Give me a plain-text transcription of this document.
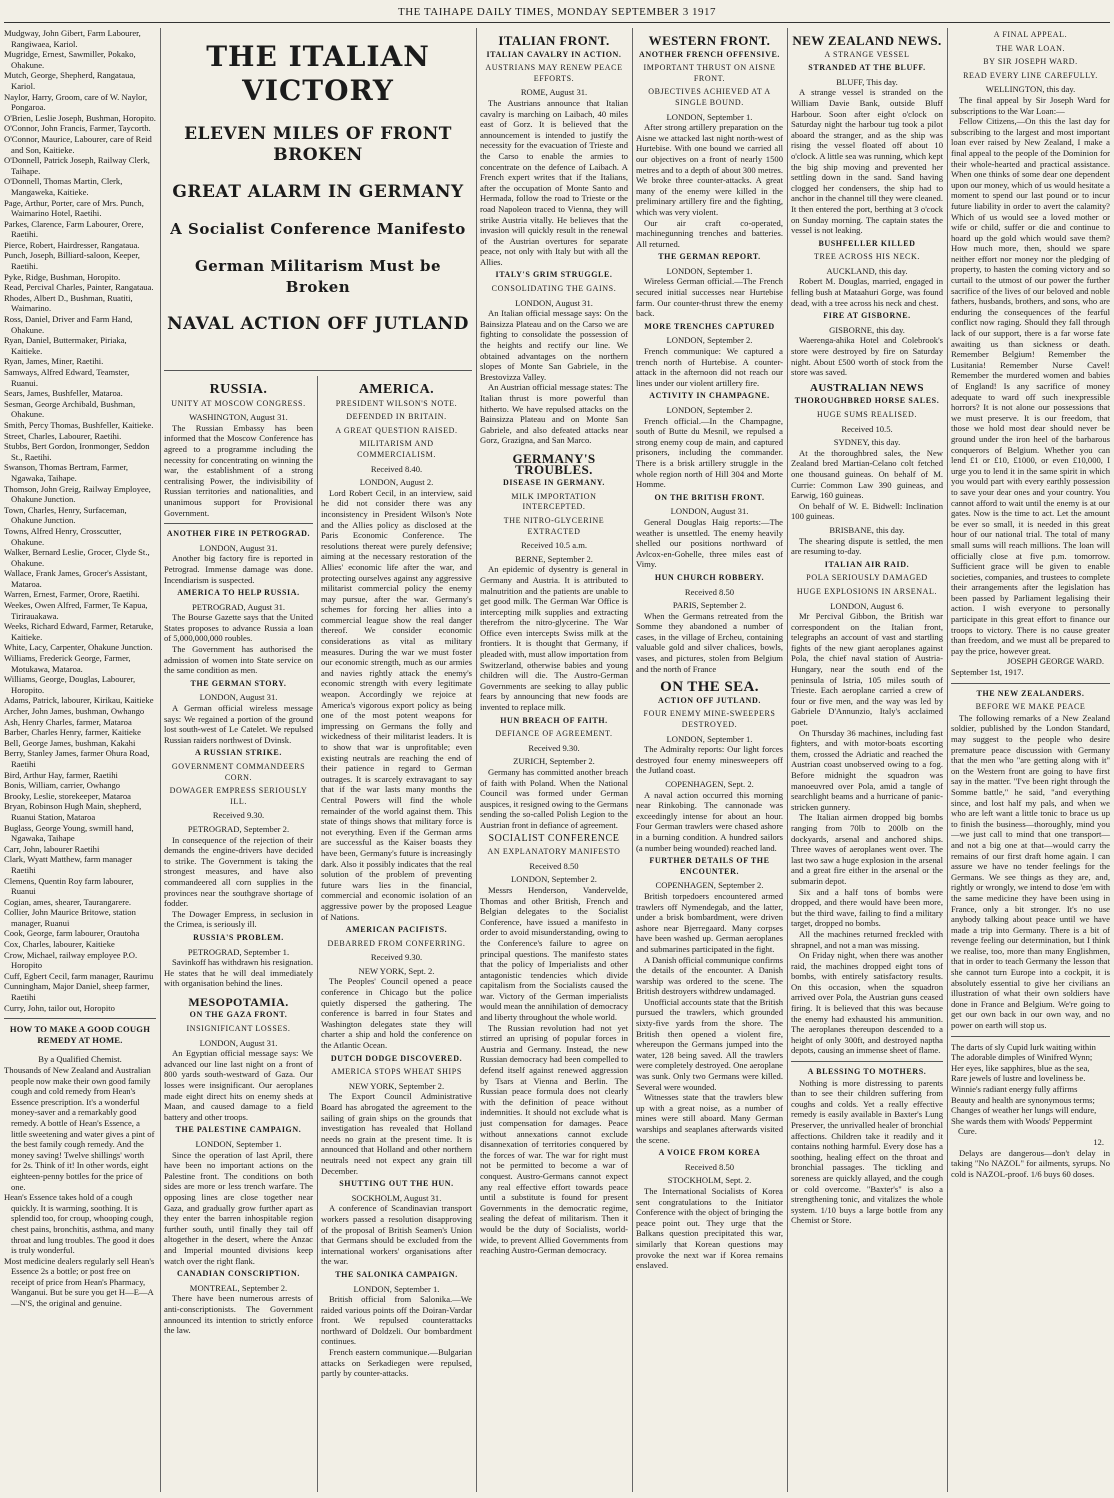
THE TAIHAPE DAILY TIMES, MONDAY SEPTEMBER 3 1917

Mudgway, John Gibert, Farm Labourer, Rangiwaea, Kariol.

Mugridge, Ernest, Sawmiller, Pokako, Ohakune.

Mutch, George, Shepherd, Rangataua, Kariol.

Naylor, Harry, Groom, care of W. Naylor, Pongaroa.

O'Brien, Leslie Joseph, Bushman, Horopito.

O'Connor, John Francis, Farmer, Taycorth.

O'Connor, Maurice, Labourer, care of Reid and Son, Kaitieke.

O'Donnell, Patrick Joseph, Railway Clerk, Taihape.

O'Donnell, Thomas Martin, Clerk, Mangaweka, Kaitieke.

Page, Arthur, Porter, care of Mrs. Punch, Waimarino Hotel, Raetihi.

Parkes, Clarence, Farm Labourer, Orere, Raetihi.

Pierce, Robert, Hairdresser, Rangataua.

Punch, Joseph, Billiard-saloon, Keeper, Raetihi.

Pyke, Ridge, Bushman, Horopito.

Read, Percival Charles, Painter, Rangataua.

Rhodes, Albert D., Bushman, Ruatiti, Waimarino.

Ross, Daniel, Driver and Farm Hand, Ohakune.

Ryan, Daniel, Buttermaker, Piriaka, Kaitieke.

Ryan, James, Miner, Raetihi.

Samways, Alfred Edward, Teamster, Ruanui.

Sears, James, Bushfeller, Mataroa.

Sesman, George Archibald, Bushman, Ohakune.

Smith, Percy Thomas, Bushfeller, Kaitieke.

Street, Charles, Labourer, Raetihi.

Stubbs, Bert Gordon, Ironmonger, Seddon St., Raetihi.

Swanson, Thomas Bertram, Farmer, Ngawaka, Taihape.

Thomson, John Greig, Railway Employee, Ohakune Junction.

Town, Charles, Henry, Surfaceman, Ohakune Junction.

Towns, Alfred Henry, Crosscutter, Ohakune.

Walker, Bernard Leslie, Grocer, Clyde St., Ohakune.

Wallace, Frank James, Grocer's Assistant, Mataroa.

Warren, Ernest, Farmer, Orore, Raetihi.

Weekes, Owen Alfred, Farmer, Te Kapua, Tirirauakawa.

Weeks, Richard Edward, Farmer, Retaruke, Kaitieke.

White, Lacy, Carpenter, Ohakune Junction.

Williams, Frederick George, Farmer, Motukawa, Mataroa.

Williams, George, Douglas, Labourer, Horopito.

Adams, Patrick, labourer, Kirikau, Kaitieke

Archer, John James, bushman, Owhango

Ash, Henry Charles, farmer, Mataroa

Barber, Charles Henry, farmer, Kaitieke

Bell, George James, bushman, Kakahi

Berry, Stanley James, farmer Ohura Road, Raetihi

Bird, Arthur Hay, farmer, Raetihi

Bonis, William, carrier, Owhango

Brooky, Leslie, storekeeper, Mataroa

Bryan, Robinson Hugh Main, shepherd, Ruanui Station, Mataroa

Buglass, George Young, swmill hand, Ngawaka, Taihape

Carr, John, labourer Raetihi

Clark, Wyatt Matthew, farm manager Raetihi

Clemens, Quentin Roy farm labourer, Ruanui

Cogian, ames, shearer, Taurangarere.

Collier, John Maurice Britowe, station manager, Ruanui

Cook, George, farm labourer, Orautoha

Cox, Charles, labourer, Kaitieke

Crow, Michael, railway employee P.O. Horopito

Cuff, Egbert Cecil, farm manager, Raurimu

Cunningham, Major Daniel, sheep farmer, Raetihi

Curry, John, tailor out, Horopito

HOW TO MAKE A GOOD COUGH REMEDY AT HOME.

By a Qualified Chemist.

Thousands of New Zealand and Australian people now make their own good family cough and cold remedy from Hean's Essence prescription. It's a wonderful money-saver and a remarkably good remedy. A bottle of Hean's Essence, a little sweetening and water gives a pint of the best family cough remedy. And the money saving! Twelve shillings' worth for 2s. Think of it! In other words, eight eighteen-penny bottles for the price of one.

Hean's Essence takes hold of a cough quickly. It is warming, soothing. It is splendid too, for croup, whooping cough, chest pains, bronchitis, asthma, and many throat and lung troubles. The good it does is truly wonderful.

Most medicine dealers regularly sell Hean's Essence 2s a bottle; or post free on receipt of price from Hean's Pharmacy, Wanganui. But be sure you get H—E—A—N'S, the original and genuine.

THE ITALIAN VICTORY
ELEVEN MILES OF FRONT BROKEN
GREAT ALARM IN GERMANY
A Socialist Conference Manifesto
German Militarism Must be Broken
NAVAL ACTION OFF JUTLAND
RUSSIA.
UNITY AT MOSCOW CONGRESS.
WASHINGTON, August 31.

The Russian Embassy has been informed that the Moscow Conference has agreed to a programme including the necessity for concentrating on winning the war, the establishment of a strong centralising Power, the indivisibility of Russian territories and nationalities, and unanimous support for Provisional Government.

ANOTHER FIRE IN PETROGRAD.
LONDON, August 31.

Another big factory fire is reported in Petrograd. Immense damage was done. Incendiarism is suspected.

AMERICA TO HELP RUSSIA.
PETROGRAD, August 31.

The Bourse Gazette says that the United States proposes to advance Russia a loan of 5,000,000,000 roubles.

The Government has authorised the admission of women into State service on the same condition as men.

THE GERMAN STORY.
LONDON, August 31.

A German official wireless message says: We regained a portion of the ground lost south-west of Le Catelet. We repulsed Russian raiders northwest of Dvinsk.

A RUSSIAN STRIKE.
GOVERNMENT COMMANDEERS CORN.
DOWAGER EMPRESS SERIOUSLY ILL.
Received 9.30.
PETROGRAD, September 2.

In consequence of the rejection of their demands the engine-drivers have decided to strike. The Government is taking the strongest measures, and have also commandeered all corn supplies in the provinces near the southgrave shortage of fodder.

The Dowager Empress, in seclusion in the Crimea, is seriously ill.

RUSSIA'S PROBLEM.
PETROGRAD, September 1.

Savinkoff has withdrawn his resignation. He states that he will deal immediately with organisation behind the lines.

MESOPOTAMIA.
ON THE GAZA FRONT.
INSIGNIFICANT LOSSES.
LONDON, August 31.

An Egyptian official message says: We advanced our line last night on a front of 800 yards south-westward of Gaza. Our losses were insignificant. Our aeroplanes made eight direct hits on enemy sheds at Maan, and caused damage to a field battery and other troops.

THE PALESTINE CAMPAIGN.
LONDON, September 1.

Since the operation of last April, there have been no important actions on the Palestine front. The conditions on both sides are more or less trench warfare. The opposing lines are close together near Gaza, and gradually grow further apart as they enter the barren inhospitable region further south, until finally they tail off altogether in the desert, where the Anzac and Imperial mounted divisions keep watch over the right flank.

CANADIAN CONSCRIPTION.
MONTREAL, September 2.

There have been numerous arrests of anti-conscriptionists. The Government announced its intention to strictly enforce the law.

AMERICA.
PRESIDENT WILSON'S NOTE.
DEFENDED IN BRITAIN.
A GREAT QUESTION RAISED.
MILITARISM AND COMMERCIALISM.
Received 8.40.
LONDON, August 2.

Lord Robert Cecil, in an interview, said he did not consider there was any inconsistency in President Wilson's Note and the Allies policy as disclosed at the Paris Economic Conference. The resolutions thereat were purely defensive; aiming at the necessary restoration of the Allies' economic life after the war, and protecting ourselves against any aggressive militarist commercial policy the enemy may pursue, after the war. Germany's schemes for forcing her allies into a commercial league show the real danger thereof. We consider economic considerations as vital as military measures. During the war we must foster our economic strength, much as our armies and navies rightly attack the enemy's economic strength with every legitimate weapon. Accordingly we rejoice at America's vigorous export policy as being one of the most potent weapons for impressing on Germans the folly and wickedness of their militarist leaders. It is to show that war is unprofitable; even existing neutrals are reaching the end of their patience in regard to German outrages. It is scarcely extravagant to say that if the war lasts many months the Central Powers will find the whole remainder of the world against them. This state of things shows that military force is not everything. Even if the German arms are successful as the Kaiser boasts they have been, Germany's future is increasingly dark. Also it possibly indicates that the real solution of the problem of preventing future wars lies in the financial, commercial and economic isolation of an aggressive power by the proposed League of Nations.

AMERICAN PACIFISTS.
DEBARRED FROM CONFERRING.
Received 9.30.
NEW YORK, Sept. 2.

The Peoples' Council opened a peace conference in Chicago but the police quietly dispersed the gathering. The conference is barred in four States and Washington delegates state they will charter a ship and hold the conference on the Atlantic Ocean.

DUTCH DODGE DISCOVERED.
AMERICA STOPS WHEAT SHIPS
NEW YORK, September 2.

The Export Council Administrative Board has abrogated the agreement to the sailing of grain ships on the grounds that investigation has revealed that Holland needs no grain at the present time. It is announced that Holland and other northern neutrals need not expect any grain till December.

SHUTTING OUT THE HUN.
SOCKHOLM, August 31.

A conference of Scandinavian transport workers passed a resolution disapproving of the proposal of British Seamen's Union that Germans should be excluded from the international workers' organisations after the war.

THE SALONIKA CAMPAIGN.
LONDON, September 1.

British official from Salonika.—We raided various points off the Doiran-Vardar front. We repulsed counterattacks northward of Doldzeli. Our bombardment continues.

French eastern communique.—Bulgarian attacks on Serkadiegen were repulsed, partly by counter-attacks.

ITALIAN FRONT.
ITALIAN CAVALRY IN ACTION.
AUSTRIANS MAY RENEW PEACE EFFORTS.
ROME, August 31.

The Austrians announce that Italian cavalry is marching on Laibach, 40 miles east of Gorz. It is believed that the announcement is intended to justify the necessity for the evacuation of Trieste and the Carso to enable the armies to concentrate on the defence of Laibach. A French expert writes that if the Italians, after the occupation of Monte Santo and Hermada, follow the road to Trieste or the road Napoleon traced to Vienna, they will strike Austria vitally. He believes that the invasion will quickly result in the renewal of the Austrian overtures for separate peace, not only with Italy but with all the Allies.

ITALY'S GRIM STRUGGLE.
CONSOLIDATING THE GAINS.
LONDON, August 31.

An Italian official message says: On the Bainsizza Plateau and on the Carso we are fighting to consolidate the possession of the heights and rectify our line. We obtained advantages on the northern slopes of Monte San Gabriele, in the Brestovizza Valley.

An Austrian official message states: The Italian thrust is more powerful than hitherto. We have repulsed attacks on the Bainsizza Plateau and on Monte San Gabriele, and also defeated attacks near Gorz, Grazigna, and San Marco.

GERMANY'S TROUBLES.
DISEASE IN GERMANY.
MILK IMPORTATION INTERCEPTED.
THE NITRO-GLYCERINE EXTRACTED
Received 10.5 a.m.
BERNE, September 2.

An epidemic of dysentry is general in Germany and Austria. It is attributed to malnutrition and the patients are unable to get good milk. The German War Office is intercepting milk supplies and extracting therefrom the nitro-glycerine. The War Office even intercepts Swiss milk at the frontiers. It is thought that Germany, if pleaded with, must allow importation from Switzerland, otherwise babies and young children will die. The Austro-German Governments are seeking to allay public fears by announcing that new foods are invented to replace milk.

HUN BREACH OF FAITH.
DEFIANCE OF AGREEMENT.
Received 9.30.
ZURICH, September 2.

Germany has committed another breach of faith with Poland. When the National Council was formed under German auspices, it resigned owing to the Germans sending the so-called Polish Legion to the Austrian front in defiance of agreement.

SOCIALIST CONFERENCE
AN EXPLANATORY MANIFESTO
Received 8.50
LONDON, September 2.

Messrs Henderson, Vandervelde, Thomas and other British, French and Belgian delegates to the Socialist Conference, have issued a manifesto in order to avoid misunderstanding, owing to the Conference's failure to agree on principal questions. The manifesto states that the policy of Imperialists and other antagonistic tendencies which divide capitalism from the Socialists caused the war. Victory of the German imperialists would mean the annihilation of democracy and liberty throughout the whole world.

The Russian revolution had not yet stirred an uprising of popular forces in Austria and Germany. Instead, the new Russian democracy had been compelled to defend itself against renewed aggression by Tsars at Vienna and Berlin. The Russian peace formula does not clearly with the definition of peace without indemnities. It should not exclude what is just compensation for damages. Peace without annexations cannot exclude disannexation of territories conquered by the forces of war. The war for right must not be permitted to become a war of conquest. Austro-Germans cannot expect any real effective effort towards peace until a substitute is found for present Governments in the democratic regime, sealing the defeat of militarism. Then it would be the duty of Socialists, world-wide, to prevent Allied Governments from reaching Austro-German democracy.

WESTERN FRONT.
ANOTHER FRENCH OFFENSIVE.
IMPORTANT THRUST ON AISNE FRONT.
OBJECTIVES ACHIEVED AT A SINGLE BOUND.
LONDON, September 1.

After strong artillery preparation on the Aisne we attacked last night north-west of Hurtebise. With one bound we carried all our objectives on a front of nearly 1500 metres and to a depth of about 300 metres. We broke three counter-attacks. A great many of the enemy were killed in the preliminary artillery fire and the fighting, which was very violent.

Our air craft co-operated, machinegunning trenches and batteries. All returned.

THE GERMAN REPORT.
LONDON, September 1.

Wireless German official.—The French secured initial successes near Hurtebise farm. Our counter-thrust threw the enemy back.

MORE TRENCHES CAPTURED
LONDON, September 2.

French communique: We captured a trench north of Hurtebise. A counter-attack in the afternoon did not reach our lines under our violent artillery fire.

ACTIVITY IN CHAMPAGNE.
LONDON, September 2.

French official.—In the Champagne, south of Butte du Mesnil, we repulsed a strong enemy coup de main, and captured prisoners, including the commander. There is a brisk artillery struggle in the whole region north of Hill 304 and Morte Homme.

ON THE BRITISH FRONT.
LONDON, August 31.

General Douglas Haig reports:—The weather is unsettled. The enemy heavily shelled our positions northward of Avlcox-en-Gohelle, three miles east of Vimy.

HUN CHURCH ROBBERY.
Received 8.50
PARIS, September 2.

When the Germans retreated from the Somme they abandoned a number of cases, in the village of Ercheu, containing valuable gold and silver chalices, bowls, vases, and pictures, stolen from Belgium and the north of France

ON THE SEA.
ACTION OFF JUTLAND.
FOUR ENEMY MINE-SWEEPERS DESTROYED.
LONDON, September 1.

The Admiralty reports: Our light forces destroyed four enemy minesweepers off the Jutland coast.

COPENHAGEN, Sept. 2.

A naval action occurred this morning near Rinkobing. The cannonade was exceedingly intense for about an hour. Four German trawlers were chased ashore in a burning condition. A hundred sailors (a number being wounded) reached land.

FURTHER DETAILS OF THE ENCOUNTER.
COPENHAGEN, September 2.

British torpedoers encountered armed trawlers off Nymendegab, and the latter, under a brisk bombardment, were driven ashore near Bjerregaard. Many corpses have been washed up. German aeroplanes and submarines participated in the fight.

A Danish official communique confirms the details of the encounter. A Danish warship was ordered to the scene. The British destroyers withdrew undamaged.

Unofficial accounts state that the British pursued the trawlers, which grounded sixty-five yards from the shore. The British then opened a violent fire, whereupon the Germans jumped into the water, 128 being saved. All the trawlers were completely destroyed. One aeroplane was sunk. Only two Germans were killed. Several were wounded.

Witnesses state that the trawlers blew up with a great noise, as a number of mines were still aboard. Many German warships and seaplanes afterwards visited the scene.

A VOICE FROM KOREA
Received 8.50
STOCKHOLM, Sept. 2.

The International Socialists of Korea sent congratulations to the Initiator Conference with the object of bringing the peace point out. They urge that the Balkans question precipitated this war, similarly that Korean questions may provoke the next war if Korea remains enslaved.

NEW ZEALAND NEWS.
A STRANGE VESSEL
STRANDED AT THE BLUFF.
BLUFF, This day.

A strange vessel is stranded on the William Davie Bank, outside Bluff Harbour. Soon after eight o'clock on Saturday night the harbour tug took a pilot aboard the stranger, and as the ship was rising the vessel floated off about 10 o'clock. A little sea was running, which kept the big ship moving and prevented her settling down in the sand. Sand having clogged her condensers, the ship had to anchor in the channel till they were cleaned. It then entered the port, berthing at 3 o'cock on Sunday morning. The captain states the vessel is not leaking.

BUSHFELLER KILLED
TREE ACROSS HIS NECK.
AUCKLAND, this day.

Robert M. Douglas, married, engaged in felling bush at Mataahuri Gorge, was found dead, with a tree across his neck and chest.

FIRE AT GISBORNE.
GISBORNE, this day.

Waerenga-ahika Hotel and Colebrook's store were destroyed by fire on Saturday night. About £500 worth of stock from the store was saved.

AUSTRALIAN NEWS
THOROUGHBRED HORSE SALES.
HUGE SUMS REALISED.
Received 10.5.
SYDNEY, this day.

At the thoroughbred sales, the New Zealand bred Martian-Celano colt fetched one thousand guineas. On behalf of M. Currie: Common Law 390 guineas, and Earwig, 160 guineas.

On behalf of W. E. Bidwell: Inclination 100 guineas.

BRISBANE, this day.

The shearing dispute is settled, the men are resuming to-day.

ITALIAN AIR RAID.
POLA SERIOUSLY DAMAGED
HUGE EXPLOSIONS IN ARSENAL.
LONDON, August 6.

Mr Percival Gibbon, the British war correspondent on the Italian front, telegraphs an account of vast and startling fights of the new giant aeroplanes against Pola, the chief naval station of Austria-Hungary, near the south end of the peninsula of Istria, 105 miles south of Trieste. Each aeroplane carried a crew of four or five men, and the way was led by Gabriele D'Annunzio, Italy's acclaimed poet.

On Thursday 36 machines, including fast fighters, and with motor-boats escorting them, crossed the Adriatic and reached the Austrian coast unobserved owing to a fog. Before midnight the squadron was manoeuvred over Pola, amid a tangle of searchlight beams and a hurricane of panic-stricken gunnery.

The Italian airmen dropped big bombs ranging from 70lb to 200lb on the dockyards, arsenal and anchored ships. Three waves of aeroplanes went over. The last two saw a huge explosion in the arsenal and a great fire either in the arsenal or the submarin depot.

Six and a half tons of bombs were dropped, and there would have been more, but the third wave, failing to find a military target, dropped no bombs.

All the machines returned freckled with shrapnel, and not a man was missing.

On Friday night, when there was another raid, the machines dropped eight tons of bombs, with entirely satisfactory results. On this occasion, when the squadron arrived over Pola, the Austrian guns ceased firing. It is believed that this was because the enemy had exhausted his ammunition. The aeroplanes thereupon descended to a height of only 300ft, and destroyed naptha depots, causing an immense sheet of flame.

A BLESSING TO MOTHERS.

Nothing is more distressing to parents than to see their children suffering from coughs and colds. Yet a really effective remedy is easily available in Baxter's Lung Preserver, the unrivalled healer of bronchial affections. Children take it readily and it contains nothing harmful. Every dose has a soothing, healing effect on the throat and bronchial passages. The tickling and soreness are quickly allayed, and the cough or cold overcome. "Baxter's" is also a strengthening tonic, and vitalizes the whole system. 1/10 buys a large bottle from any Chemist or Store.

A FINAL APPEAL.
THE WAR LOAN.
BY SIR JOSEPH WARD.
READ EVERY LINE CAREFULLY.
WELLINGTON, this day.

The final appeal by Sir Joseph Ward for subscriptions to the War Loan:—

Fellow Citizens,—On this the last day for subscribing to the largest and most important loan ever raised by New Zealand, I make a final appeal to the people of the Dominion for their whole-hearted and practical assistance. When one thinks of some dear one dependent upon our money, which of us would hesitate a moment to spend our last pound or to incur future liability in order to avert the calamity? Which of us would see a loved mother or wife or child, suffer or die and continue to hoard up the gold which would save them? How much more, then, should we spare neither effort nor money nor the pledging of property, to hasten the coming victory and so curtail to the utmost of our power the further sacrifice of the lives of our beloved and noble fathers, husbands, brothers, and sons, who are enduring the consequences of the fearful conflict now raging. Should they fall through lack of our support, there is a far worse fate awaiting us than sickness or death. Remember Belgium! Remember the Lusitania! Remember Nurse Cavel! Remember the murdered women and babies of England! Is any sacrifice of money adequate to ward off such inexpressible horrors? It is not alone our possessions that we must preserve. It is our freedom, that those we hold most dear should never be ground under the iron heel of the barbarous conquerors of Belgium. Whether you can lend £1 or £10, £1000, or even £10,000, I urge you to lend it in the same spirit in which you would part with every earthly possession to save your dear ones and your country. You cannot afford to wait until the enemy is at our gates. Now is the time to act. Let the amount be ever so small, it is needed in this great hour of our national trial. The total of many small sums will reach millions. The loan will officially close at five p.m. tomorrow. Sufficient grace will be given to enable societies, companies, and trustees to complete their arrangements after the legislation has been passed by Parliament legalising their action. I wish everyone to personally participate in this great effort to finance our troops to victory. There is no cause greater than freedom, and we must all be prepared to pay the price, however great.

JOSEPH GEORGE WARD.
September 1st, 1917.
THE NEW ZEALANDERS.
BEFORE WE MAKE PEACE

The following remarks of a New Zealand soldier, published by the London Standard, may suggest to the people who desire premature peace discussion with Germany that the men who "are getting along with it" on the Western front are going to have first say in the matter. "I've been right through the Somme battle," he said, "and everything since, and lost half my pals, and when we who are left want a little tonic to brace us up to finish the business—thoroughly, mind you—we just call to mind that one transport—and not a big one at that—would carry the remains of our first draft home again. I can assure we have no tender feelings for the Germans. We see things as they are, and, rightly or wrongly, we intend to dose 'em with the same medicine they have been using in France, only a bit stronger. It's no use anybody talking about peace until we have made a trip into Germany. There is a bit of revenge feeling our determination, but I think we realise, too, more than many Englishmen, that in order to teach Germany the lesson that she cannot turn Europe into a cockpit, it is absolutely essential to give her civilians an illustration of what their own soldiers have done in France and Belgium. We're going to get our own back in our own way, and no power on earth will stop us.

The darts of sly Cupid lurk waiting within

The adorable dimples of Winifred Wynn;

Her eyes, like sapphires, blue as the sea,

Rare jewels of lustre and loveliness be.

Winnie's radiant energy fully affirms

Beauty and health are synonymous terms;

Changes of weather her lungs will endure,

She wards them with Woods' Peppermint Cure.

12.

Delays are dangerous—don't delay in taking "No NAZOL" for ailments, syrups. No cold is NAZOL-proof. 1/6 buys 60 doses.
